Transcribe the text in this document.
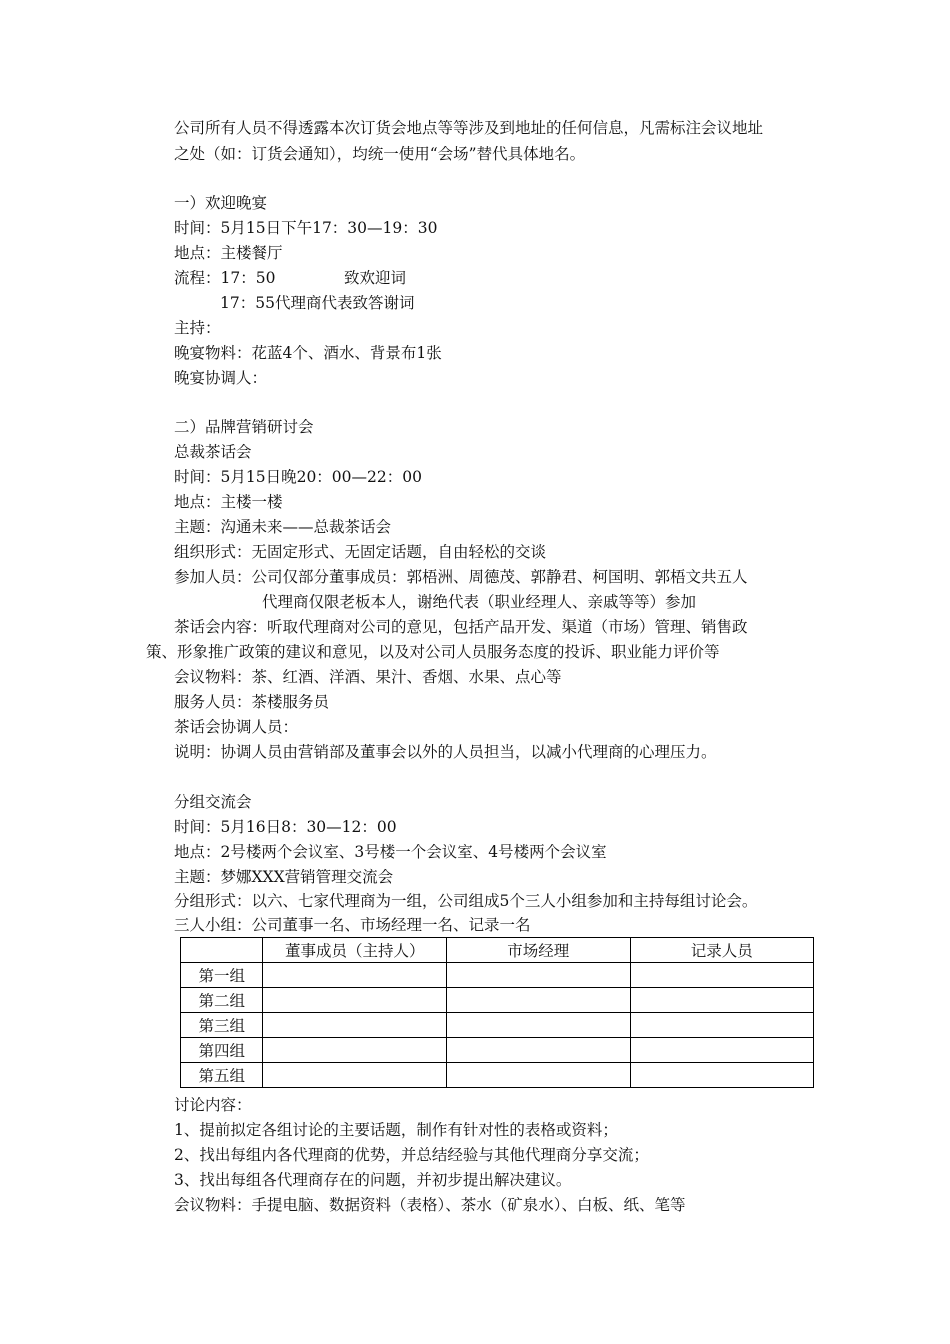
公司所有人员不得透露本次订货会地点等等涉及到地址的任何信息，凡需标注会议地址
之处（如：订货会通知），均统一使用“会场”替代具体地名。
一）欢迎晚宴
时间：5月15日下午17：30—19：30
地点：主楼餐厅
流程：17：50	致欢迎词
17：55代理商代表致答谢词
主持：
晚宴物料：花蓝4个、酒水、背景布1张
晚宴协调人：
二）品牌营销研讨会
总裁茶话会
时间：5月15日晚20：00—22：00
地点：主楼一楼
主题：沟通未来——总裁茶话会
组织形式：无固定形式、无固定话题，自由轻松的交谈
参加人员：公司仅部分董事成员：郭梧洲、周德茂、郭静君、柯国明、郭梧文共五人
代理商仅限老板本人，谢绝代表（职业经理人、亲戚等等）参加
茶话会内容：听取代理商对公司的意见，包括产品开发、渠道（市场）管理、销售政
策、形象推广政策的建议和意见，以及对公司人员服务态度的投诉、职业能力评价等
会议物料：茶、红酒、洋酒、果汁、香烟、水果、点心等
服务人员：茶楼服务员
茶话会协调人员：
说明：协调人员由营销部及董事会以外的人员担当，以减小代理商的心理压力。
分组交流会
时间：5月16日8：30—12：00
地点：2号楼两个会议室、3号楼一个会议室、4号楼两个会议室
主题：梦娜XXX营销管理交流会
分组形式：以六、七家代理商为一组，公司组成5个三人小组参加和主持每组讨论会。
三人小组：公司董事一名、市场经理一名、记录一名
	董事成员（主持人）	市场经理	记录人员
第一组			
第二组			
第三组			
第四组			
第五组			
讨论内容：
1、提前拟定各组讨论的主要话题，制作有针对性的表格或资料；
2、找出每组内各代理商的优势，并总结经验与其他代理商分享交流；
3、找出每组各代理商存在的问题，并初步提出解决建议。
会议物料：手提电脑、数据资料（表格）、茶水（矿泉水）、白板、纸、笔等
